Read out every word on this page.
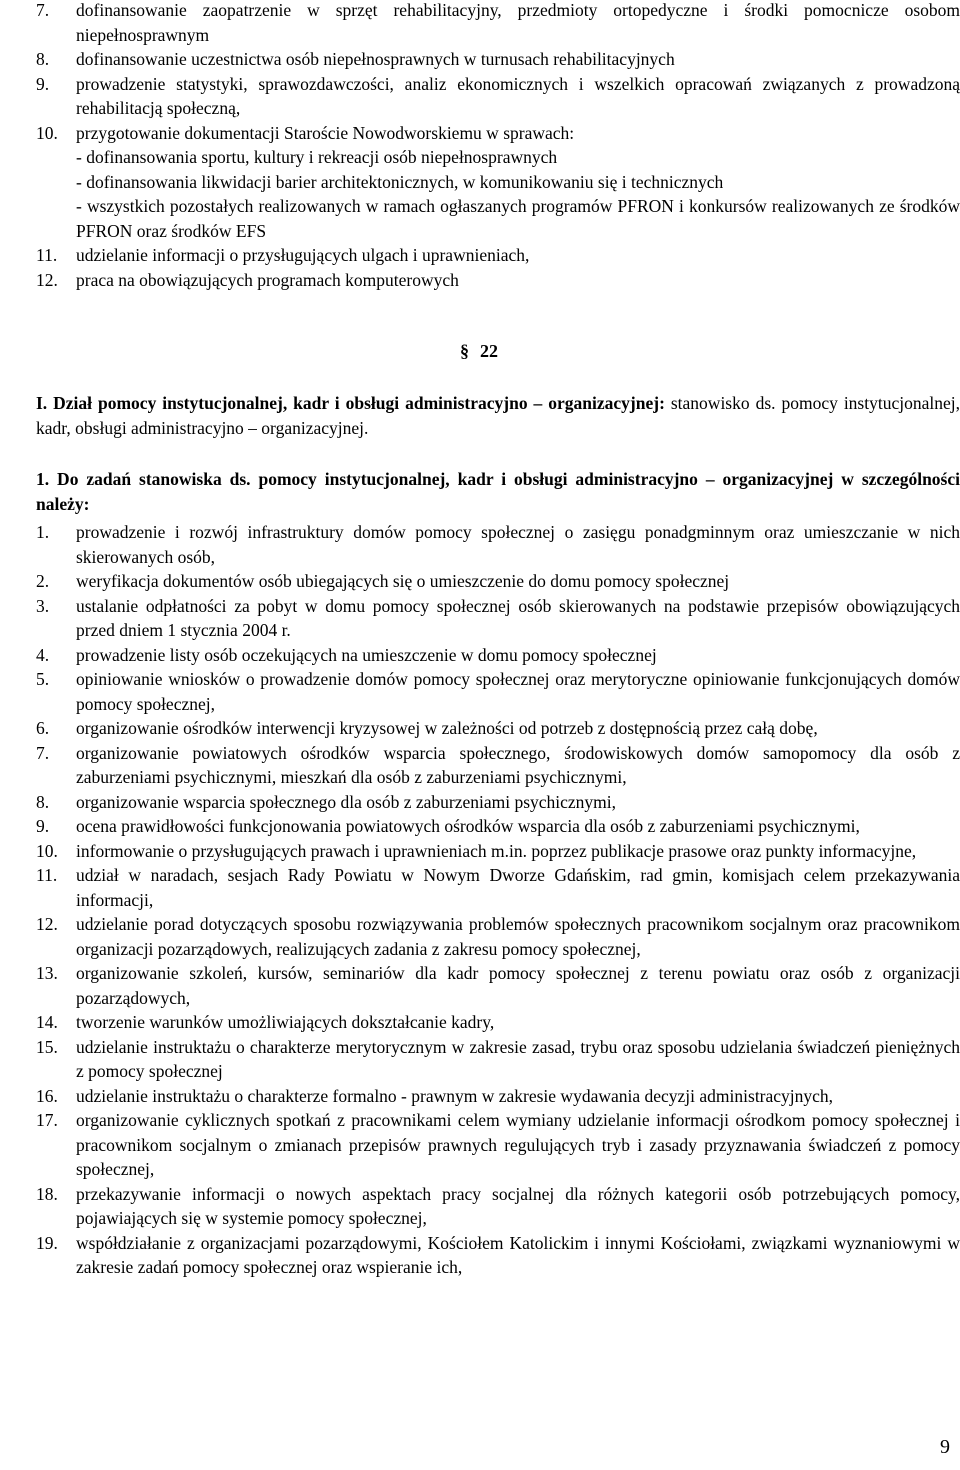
7.	dofinansowanie zaopatrzenie w sprzęt rehabilitacyjny, przedmioty ortopedyczne i środki pomocnicze osobom niepełnosprawnym
8.	dofinansowanie uczestnictwa osób niepełnosprawnych w turnusach rehabilitacyjnych
9.	prowadzenie statystyki, sprawozdawczości, analiz ekonomicznych i wszelkich opracowań związanych z prowadzoną rehabilitacją społeczną,
10.	przygotowanie dokumentacji Staroście Nowodworskiemu w sprawach:
- dofinansowania sportu, kultury i rekreacji osób niepełnosprawnych
- dofinansowania likwidacji barier architektonicznych, w komunikowaniu się i technicznych
- wszystkich pozostałych realizowanych w ramach ogłaszanych programów PFRON i konkursów realizowanych ze środków PFRON oraz środków EFS
11.	udzielanie informacji o przysługujących ulgach i uprawnieniach,
12.	praca na obowiązujących programach komputerowych
§ 22
I. Dział pomocy instytucjonalnej, kadr i obsługi administracyjno – organizacyjnej: stanowisko ds. pomocy instytucjonalnej, kadr, obsługi administracyjno – organizacyjnej.
1. Do zadań stanowiska ds. pomocy instytucjonalnej, kadr i obsługi administracyjno – organizacyjnej w szczególności należy:
1.	prowadzenie i rozwój infrastruktury domów pomocy społecznej o zasięgu ponadgminnym oraz umieszczanie w nich skierowanych osób,
2.	weryfikacja dokumentów osób ubiegających się o umieszczenie do domu pomocy społecznej
3.	ustalanie odpłatności za pobyt w domu pomocy społecznej osób skierowanych na podstawie przepisów obowiązujących przed dniem 1 stycznia 2004 r.
4.	prowadzenie listy osób oczekujących na umieszczenie w domu pomocy społecznej
5.	opiniowanie wniosków o prowadzenie domów pomocy społecznej oraz merytoryczne opiniowanie funkcjonujących domów pomocy społecznej,
6.	organizowanie ośrodków interwencji kryzysowej w zależności od potrzeb z dostępnością przez całą dobę,
7.	organizowanie powiatowych ośrodków wsparcia społecznego, środowiskowych domów samopomocy dla osób z zaburzeniami psychicznymi, mieszkań dla osób z zaburzeniami psychicznymi,
8.	organizowanie wsparcia społecznego dla osób z zaburzeniami psychicznymi,
9.	ocena prawidłowości funkcjonowania powiatowych ośrodków wsparcia dla osób z zaburzeniami psychicznymi,
10.	informowanie o przysługujących prawach i uprawnieniach m.in. poprzez publikacje prasowe oraz punkty informacyjne,
11.	udział w naradach, sesjach Rady Powiatu w Nowym Dworze Gdańskim, rad gmin, komisjach celem przekazywania informacji,
12.	udzielanie porad dotyczących sposobu rozwiązywania problemów społecznych pracownikom socjalnym oraz pracownikom organizacji pozarządowych, realizujących zadania z zakresu pomocy społecznej,
13.	organizowanie szkoleń, kursów, seminariów dla kadr pomocy społecznej z terenu powiatu oraz osób z organizacji pozarządowych,
14.	tworzenie warunków umożliwiających dokształcanie kadry,
15.	udzielanie instruktażu o charakterze merytorycznym w zakresie zasad, trybu oraz sposobu udzielania świadczeń pieniężnych z pomocy społecznej
16.	udzielanie instruktażu o charakterze formalno - prawnym w zakresie wydawania decyzji administracyjnych,
17.	organizowanie cyklicznych spotkań z pracownikami celem wymiany udzielanie informacji ośrodkom pomocy społecznej i pracownikom socjalnym o zmianach przepisów prawnych regulujących tryb i zasady przyznawania świadczeń z pomocy społecznej,
18.	przekazywanie informacji o nowych aspektach pracy socjalnej dla różnych kategorii osób potrzebujących pomocy, pojawiających się w systemie pomocy społecznej,
19.	współdziałanie z organizacjami pozarządowymi, Kościołem Katolickim i innymi Kościołami, związkami wyznaniowymi w zakresie zadań pomocy społecznej oraz wspieranie ich,
9
